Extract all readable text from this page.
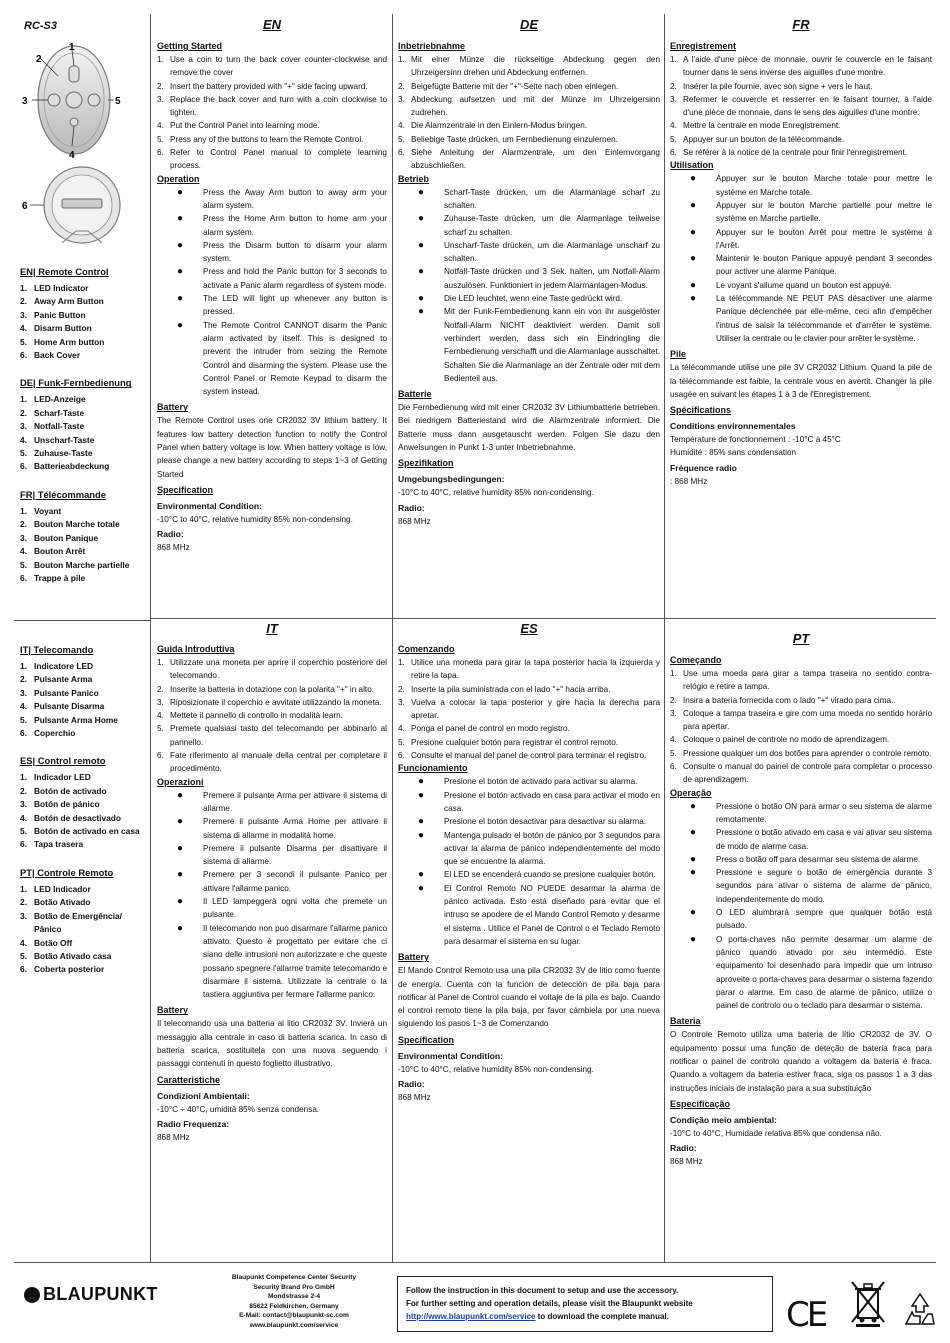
RC-S3
2
1
3	5
4
6
EN| Remote Control
1. LED Indicator
2. Away Arm Button
3. Panic Button
4. Disarm Button
5. Home Arm button
6. Back Cover
DE| Funk-Fernbedienung
1. LED-Anzeige
2. Scharf-Taste
3. Notfall-Taste
4. Unscharf-Taste
5. Zuhause-Taste
6. Batterieabdeckung
FR| Télécommande
1. Voyant
2. Bouton Marche totale
3. Bouton Panique
4. Bouton Arrêt
5. Bouton Marche partielle
6. Trappe à pile
IT| Telecomando
1. Indicatore LED
2. Pulsante Arma
3. Pulsante Panico
4. Pulsante Disarma
5. Pulsante Arma Home
6. Coperchio
ES| Control remoto
1. Indicador LED
2. Botón de activado
3. Botón de pánico
4. Botón de desactivado
5. Botón de activado en casa
6. Tapa trasera
PT| Controle Remoto
1. LED Indicador
2. Botão Ativado
3. Botão de Emergência/ Pânico
4. Botão Off
5. Botão Ativado casa
6. Coberta posterior
EN	DE	FR
IT	ES
PT
Getting Started
1. Use a coin to turn the back cover counter-clockwise and remove the cover
2. Insert the battery provided with "+" side facing upward.
3. Replace the back cover and turn with a coin clockwise to tighten.
4. Put the Control Panel into learning mode.
5. Press any of the buttons to learn the Remote Control.
6. Refer to Control Panel manual to complete learning process.
Operation
●	Press the Away Arm button to away arm your alarm system.
●	Press the Home Arm button to home arm your alarm system.
●	Press the Disarm button to disarm your alarm system.
●	Press and hold the Panic button for 3 seconds to activate a Panic alarm regardless of system mode.
●	The LED will light up whenever any button is pressed.
●	The Remote Control CANNOT disarm the Panic alarm activated by itself. This is designed to prevent the intruder from seizing the Remote Control and disarming the system. Please use the Control Panel or Remote Keypad to disarm the system instead.
Battery

The Remote Control uses one CR2032 3V lithium battery. It features low battery detection function to notify the Control Panel when battery voltage is low. When battery voltage is low, please change a new battery according to steps 1~3 of Getting Started

Specification
Environmental Condition:

-10°C to 40°C, relative humidity 85% non-condensing.

Radio:

868 MHz

Inbetriebnahme
1. Mit einer Münze die rückseitige Abdeckung gegen den Uhrzeigersinn drehen und Abdeckung entfernen.
2. Beigefügte Batterie mit der "+"-Seite nach oben einlegen.
3. Abdeckung aufsetzen und mit der Münze im Uhrzeigersinn zudrehen.
4. Die Alarmzentrale in den Einlern-Modus bringen.
5. Beliebige Taste drücken, um Fernbedienung einzulernen.
6. Siehe Anleitung der Alarmzentrale, um den Einlernvorgang abzuschließen.
Betrieb
●	Scharf-Taste drücken, um die Alarmanlage scharf zu schalten.
●	Zuhause-Taste drücken, um die Alarmanlage teilweise scharf zu schalten.
●	Unscharf-Taste drücken, um die Alarmanlage unscharf zu schalten.
●	Notfall-Taste drücken und 3 Sek. halten, um Notfall-Alarm auszulösen. Funktioniert in jedem Alarmanlagen-Modus.
●	Die LED leuchtet, wenn eine Taste gedrückt wird.
●	Mit der Funk-Fernbedienung kann ein von ihr ausgelöster Notfall-Alarm NICHT deaktiviert werden. Damit soll verhindert werden, dass sich ein Eindringling die Fernbedienung verschafft und die Alarmanlage ausschaltet. Schalten Sie die Alarmanlage an der Zentrale oder mit dem Bedienteil aus.
Batterie

Die Fernbedienung wird mit einer CR2032 3V Lithiumbatterie betrieben. Bei niedrigem Batteriestand wird die Alarmzentrale informiert. Die Batterie muss dann ausgetauscht werden. Folgen Sie dazu den Anweisungen in Punkt 1-3 unter Inbetriebnahme.

Spezifikation
Umgebungsbedingungen:

-10°C to 40°C, relative humidity 85% non-condensing.

Radio:

868 MHz

Enregistrement
1. A l'aide d'une pièce de monnaie, ouvrir le couvercle en le faisant tourner dans le sens inverse des aiguilles d'une montre.
2. Insérer la pile fournie, avec son signe + vers le haut.
3. Refermer le couvercle et resserrer en le faisant tourner, à l'aide d'une pièce de monnaie, dans le sens des aiguilles d'une montre.
4. Mettre la centrale en mode Enregistrement.
5. Appuyer sur un bouton de la télécommande.
6. Se référer à la notice de la centrale pour finir l'enregistrement.
Utilisation
●	Appuyer sur le bouton Marche totale pour mettre le système en Marche totale.
●	Appuyer sur le bouton Marche partielle pour mettre le système en Marche partielle.
●	Appuyer sur le bouton Arrêt pour mettre le système à l'Arrêt.
●	Maintenir le bouton Panique appuyé pendant 3 secondes pour activer une alarme Panique.
●	Le voyant s'allume quand un bouton est appuyé.
●	La télécommande NE PEUT PAS désactiver une alarme Panique déclenchée par elle-même, ceci afin d'empêcher l'intrus de saisir la télécommande et d'arrêter le système. Utiliser la centrale ou le clavier pour arrêter le système.
Pile

La télécommande utilise une pile 3V CR2032 Lithium. Quand la pile de la télécommande est faible, la centrale vous en avertit. Changer la pile usagée en suivant les étapes 1 à 3 de l'Enregistrement.

Spécifications
Conditions environnementales

Température de fonctionnement : -10°C à 45°C

Humidité : 85% sans condensation

Fréquence radio

: 868 MHz

Guida Introduttiva
1. Utilizzate una moneta per aprire il coperchio posteriore del telecomando.
2. Inserite la batteria in dotazione con la polarita "+" in alto.
3. Riposizionate il coperchio e avvitate utilizzando la moneta.
4. Mettete il pannello di controllo in modalità learn.
5. Premete qualsiasi tasto del telecomando per abbinarlo al pannello.
6. Fate riferimento al manuale della central per completare il procedimento.
Operazioni
●	Premere il pulsante Arma per attivare il sistema di allarme.
●	Premere il pulsante Arma Home per attivare il sistema di allarme in modalità home.
●	Premere il pulsante Disarma per disattivare il sistema di allarme.
●	Premere per 3 secondi il pulsante Panico per attivare l'allarme panico.
●	Il LED lampeggerà ogni volta che premete un pulsante.
●	Il telecomando non può disarmare l'allarme panico attivato. Questo è progettato per evitare che ci siano delle intrusioni non autorizzate e che queste possano spegnere l'allarme tramite telecomando e disarmare il sistema. Utilizzate la centrale o la tastiera aggiuntiva per fermare l'allarme panico.
Battery

Il telecomando usa una batteria al litio CR2032 3V. Invierà un messaggio alla centrale in caso di batteria scarica. In caso di batteria scarica, sostituitela con una nuova seguendo i passaggi contenuti in questo foglietto illustrativo.

Caratteristiche
Condizioni Ambientali:

-10°C ÷ 40°C, umidità 85% senza condensa.

Radio Frequenza:

868 MHz

Comenzando
1. Utilice una moneda para girar la tapa posterior hacia la izquierda y retire la tapa.
2. Inserte la pila suministrada con el lado "+" hacia arriba.
3. Vuelva a colocar la tapa posterior y gire hacia la derecha para apretar.
4. Ponga el panel de control en modo registro.
5. Presione cualquier botón para registrar el control remoto.
6. Consulte el manual del panel de control para terminar el registro.
Funcionamiento
●	Presione el botón de activado para activar su alarma.
●	Presione el botón activado en casa para activar el modo en casa.
●	Presione el botón desactivar para desactivar su alarma.
●	Mantenga pulsado el botón de pánico por 3 segundos para activar la alarma de pánico independientemente del modo que se encuentre la alarma.
●	El LED se encenderá cuando se presione cualquier botón.
●	El Control Remoto NO PUEDE desarmar la alarma de pánico activada. Esto está diseñado para evitar que el intruso se apodere de el Mando Control Remoto y desarme el sistema . Utilice el Panel de Control o el Teclado Remoto para desarmar el sistema en su lugar.
Battery

El Mando Control Remoto usa una pila CR2032 3V de litio como fuente de energía. Cuenta con la función de detección de pila baja para notificar al Panel de Control cuando el voltaje de la pila es bajo. Cuando el control remoto tiene la pila baja, por favor cámbiela por una nueva siguiendo los pasos 1~3 de Comenzando

Specification
Environmental Condition:

-10°C to 40°C, relative humidity 85% non-condensing.

Radio:

868 MHz

Começando
1. Use uma moeda para girar a tampa traseira no sentido contra-relógio e retire a tampa.
2. Insira a bateria fornecida com o lado "+" virado para cima..
3. Coloque a tampa traseira e gire com uma moeda no sentido horário para apertar.
4. Coloque o painel de controle no modo de aprendizagem.
5. Pressione qualquer um dos botões para aprender o controle remoto.
6. Consulte o manual do painel de controle para completar o processo de aprendizagem.
Operação
●	Pressione o botão ON para armar o seu sistema de alarme remotamente.
●	Pressione o botão ativado em casa e vai ativar seu sistema de modo de alarme casa.
●	Press o botão off para desarmar seu sistema de alarme.
●	Pressione e segure o botão de emergência durante 3 segundos para ativar o sistema de alarme de pânico, independentemente do modo.
●	O LED alumbrará sempre que qualquer botão está pulsado.
●	O porta-chaves não permite desarmar um alarme de pânico quando ativado por seu intermédio. Este equipamento foi desenhado para impedir que um intruso aproveite o porta-chaves para desarmar o sistema fazendo parar o alarme. Em caso de alarme de pânico, utilize o painel de controlo ou o teclado para desarmar o sistema.
Bateria

O Controle Remoto utiliza uma bateria de lítio CR2032 de 3V. O equipamento possui uma função de deteção de bateria fraca para notificar o painel de controlo quando a voltagem da bateria é fraca. Quando a voltagem da bateria estiver fraca, siga os passos 1 a 3 das instruções iniciais de instalação para a sua substituição

Especificação
Condição meio ambiental:

-10°C to 40°C, Humidade relativa 85% que condensa não.

Radio:

868 MHz

BLAUPUNKT
Blaupunkt Competence Center Security
Security Brand Pro GmbH
Mondstrasse 2-4
85622 Feldkirchen, Germany
E-Mail: contact@blaupunkt-sc.com
www.blaupunkt.com/service
Follow the instruction in this document to setup and use the accessory.
For further setting and operation details, please visit the Blaupunkt website
http://www.blaupunkt.com/service to download the complete manual.	CE
